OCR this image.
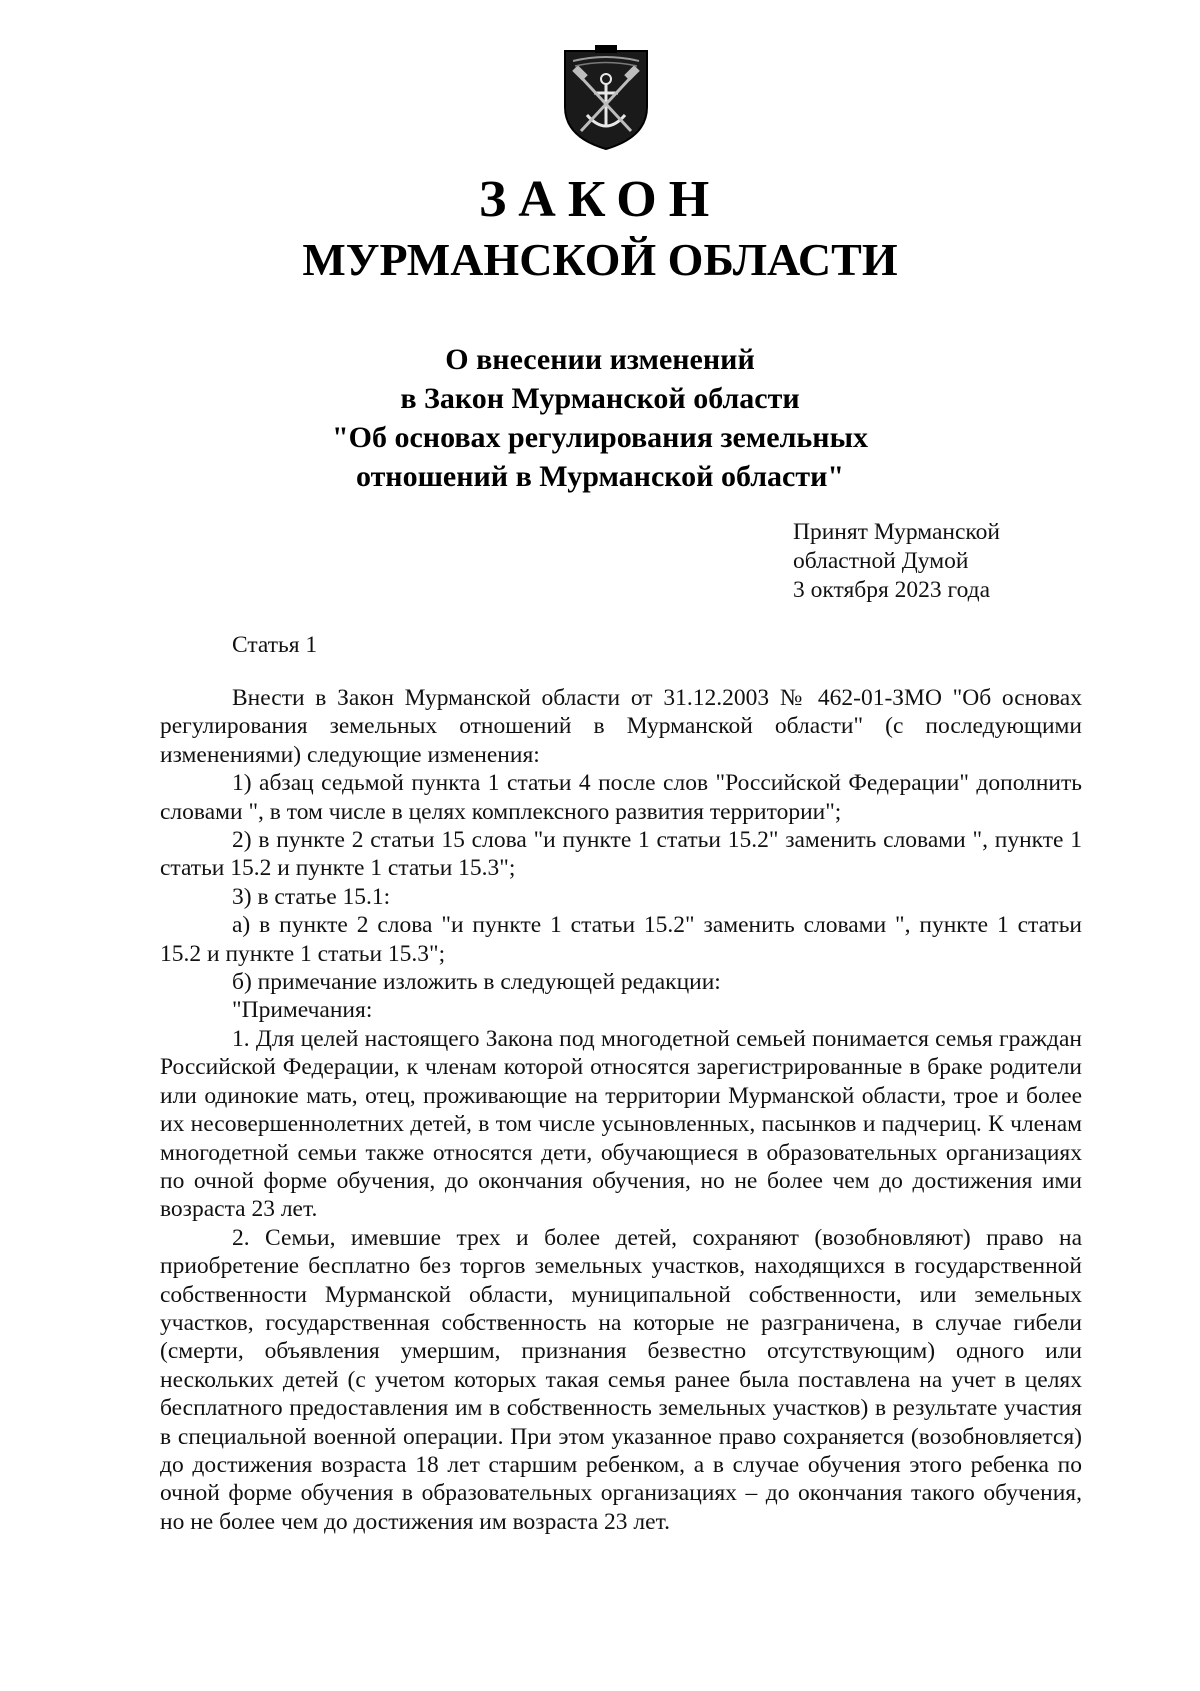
ЗАКОН
МУРМАНСКОЙ ОБЛАСТИ
О внесении изменений
в Закон Мурманской области
"Об основах регулирования земельных
отношений в Мурманской области"
Принят Мурманской
областной Думой
3 октября 2023 года
Статья 1

Внести в Закон Мурманской области от 31.12.2003 № 462-01-ЗМО "Об основах регулирования земельных отношений в Мурманской области" (с последующими изменениями) следующие изменения:

1) абзац седьмой пункта 1 статьи 4 после слов "Российской Федерации" дополнить словами ", в том числе в целях комплексного развития территории";

2) в пункте 2 статьи 15 слова "и пункте 1 статьи 15.2" заменить словами ", пункте 1 статьи 15.2 и пункте 1 статьи 15.3";

3) в статье 15.1:

а) в пункте 2 слова "и пункте 1 статьи 15.2" заменить словами ", пункте 1 статьи 15.2 и пункте 1 статьи 15.3";

б) примечание изложить в следующей редакции:

"Примечания:

1. Для целей настоящего Закона под многодетной семьей понимается семья граждан Российской Федерации, к членам которой относятся зарегистрированные в браке родители или одинокие мать, отец, проживающие на территории Мурманской области, трое и более их несовершеннолетних детей, в том числе усыновленных, пасынков и падчериц. К членам многодетной семьи также относятся дети, обучающиеся в образовательных организациях по очной форме обучения, до окончания обучения, но не более чем до достижения ими возраста 23 лет.

2. Семьи, имевшие трех и более детей, сохраняют (возобновляют) право на приобретение бесплатно без торгов земельных участков, находящихся в государственной собственности Мурманской области, муниципальной собственности, или земельных участков, государственная собственность на которые не разграничена, в случае гибели (смерти, объявления умершим, признания безвестно отсутствующим) одного или нескольких детей (с учетом которых такая семья ранее была поставлена на учет в целях бесплатного предоставления им в собственность земельных участков) в результате участия в специальной военной операции. При этом указанное право сохраняется (возобновляется) до достижения возраста 18 лет старшим ребенком, а в случае обучения этого ребенка по очной форме обучения в образовательных организациях – до окончания такого обучения, но не более чем до достижения им возраста 23 лет.
